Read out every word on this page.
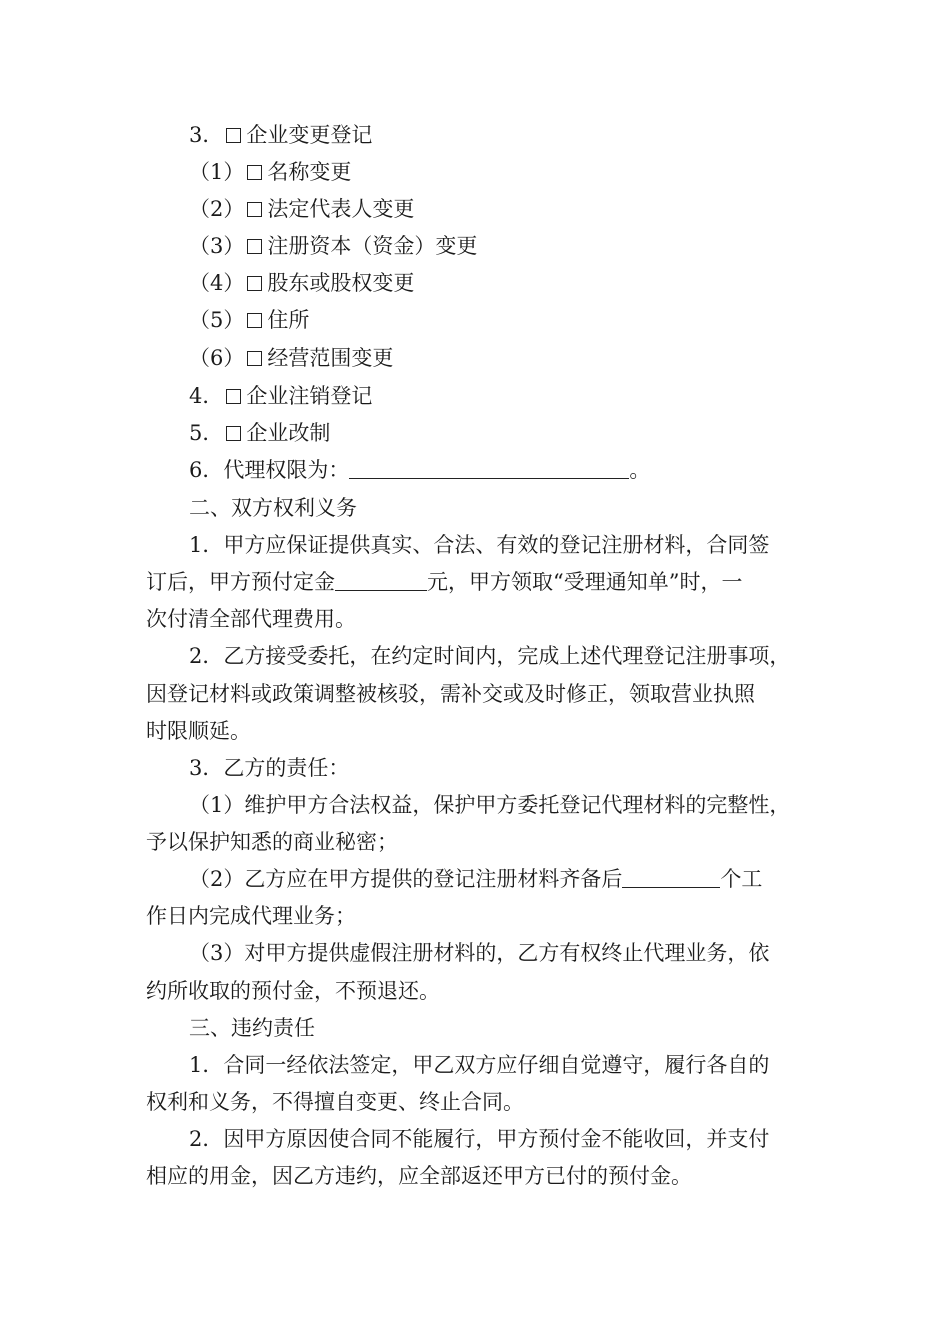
3． 企业变更登记
（1） 名称变更
（2） 法定代表人变更
（3） 注册资本（资金）变更
（4） 股东或股权变更
（5） 住所
（6） 经营范围变更
4． 企业注销登记
5． 企业改制
6．代理权限为：	。
二、双方权利义务
1．甲方应保证提供真实、合法、有效的登记注册材料，合同签
订后，甲方预付定金	元，甲方领取“受理通知单”时，一
次付清全部代理费用。
2．乙方接受委托，在约定时间内，完成上述代理登记注册事项，
因登记材料或政策调整被核驳，需补交或及时修正，领取营业执照
时限顺延。
3．乙方的责任：
（1）维护甲方合法权益，保护甲方委托登记代理材料的完整性，
予以保护知悉的商业秘密；
（2）乙方应在甲方提供的登记注册材料齐备后	个工
作日内完成代理业务；
（3）对甲方提供虚假注册材料的，乙方有权终止代理业务，依
约所收取的预付金，不预退还。
三、违约责任
1．合同一经依法签定，甲乙双方应仔细自觉遵守，履行各自的
权利和义务，不得擅自变更、终止合同。
2．因甲方原因使合同不能履行，甲方预付金不能收回，并支付
相应的用金，因乙方违约，应全部返还甲方已付的预付金。
